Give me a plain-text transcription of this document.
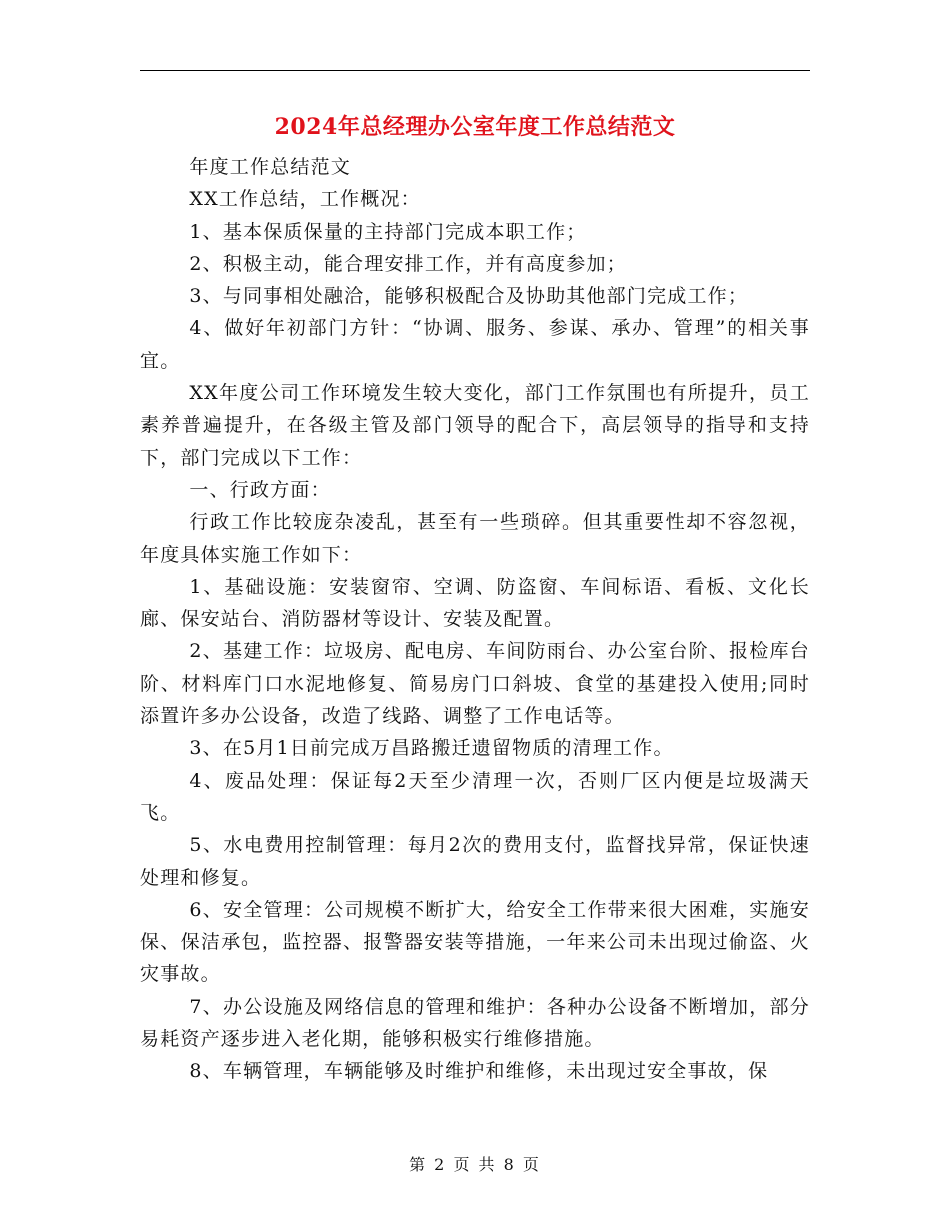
2024年总经理办公室年度工作总结范文

年度工作总结范文

XX工作总结，工作概况：

1、基本保质保量的主持部门完成本职工作；

2、积极主动，能合理安排工作，并有高度参加；

3、与同事相处融洽，能够积极配合及协助其他部门完成工作；

4、做好年初部门方针：“协调、服务、参谋、承办、管理”的相关事宜。

XX年度公司工作环境发生较大变化，部门工作氛围也有所提升，员工素养普遍提升，在各级主管及部门领导的配合下，高层领导的指导和支持下，部门完成以下工作：

一、行政方面：

行政工作比较庞杂凌乱，甚至有一些琐碎。但其重要性却不容忽视，年度具体实施工作如下：

1、基础设施：安装窗帘、空调、防盗窗、车间标语、看板、文化长廊、保安站台、消防器材等设计、安装及配置。

2、基建工作：垃圾房、配电房、车间防雨台、办公室台阶、报检库台阶、材料库门口水泥地修复、简易房门口斜坡、食堂的基建投入使用;同时添置许多办公设备，改造了线路、调整了工作电话等。

3、在5月1日前完成万昌路搬迁遗留物质的清理工作。

4、废品处理：保证每2天至少清理一次，否则厂区内便是垃圾满天飞。

5、水电费用控制管理：每月2次的费用支付，监督找异常，保证快速处理和修复。

6、安全管理：公司规模不断扩大，给安全工作带来很大困难，实施安保、保洁承包，监控器、报警器安装等措施，一年来公司未出现过偷盗、火灾事故。

7、办公设施及网络信息的管理和维护：各种办公设备不断增加，部分易耗资产逐步进入老化期，能够积极实行维修措施。

8、车辆管理，车辆能够及时维护和维修，未出现过安全事故，保

第 2 页 共 8 页
